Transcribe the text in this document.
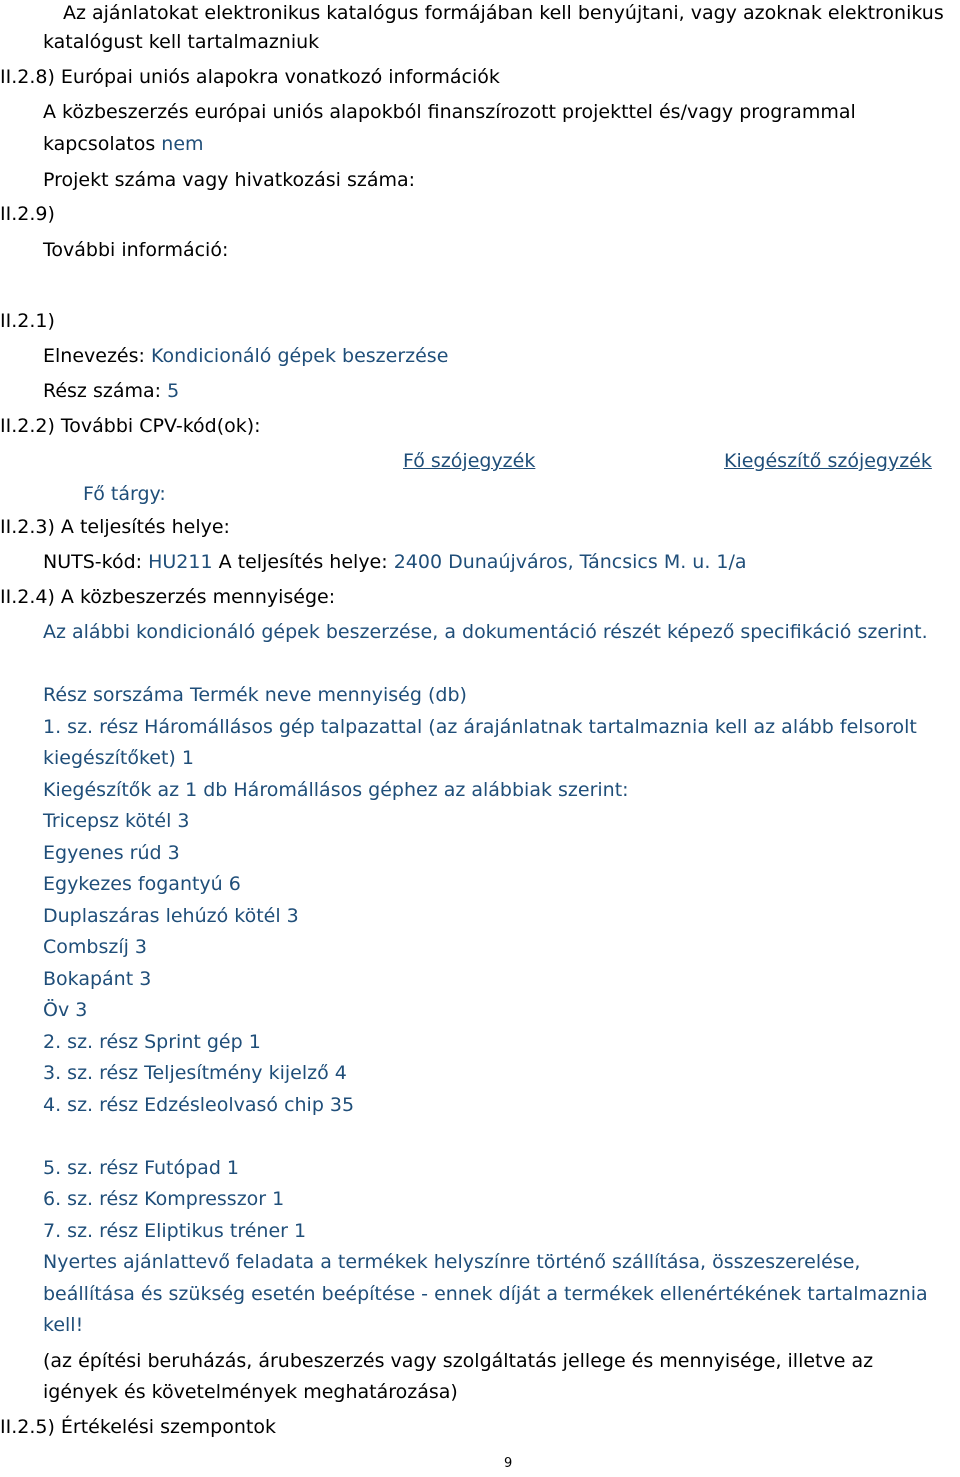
Az ajánlatokat elektronikus katalógus formájában kell benyújtani, vagy azoknak elektronikus
katalógust kell tartalmazniuk
II.2.8) Európai uniós alapokra vonatkozó információk
A közbeszerzés európai uniós alapokból finanszírozott projekttel és/vagy programmal
kapcsolatos nem
Projekt száma vagy hivatkozási száma:
II.2.9)
További információ:
II.2.1)
Elnevezés: Kondicionáló gépek beszerzése
Rész száma: 5
II.2.2) További CPV-kód(ok):
Fő szójegyzék	Kiegészítő szójegyzék
Fő tárgy:
II.2.3) A teljesítés helye:
NUTS-kód: HU211 A teljesítés helye: 2400 Dunaújváros, Táncsics M. u. 1/a
II.2.4) A közbeszerzés mennyisége:
Az alábbi kondicionáló gépek beszerzése, a dokumentáció részét képező specifikáció szerint.
Rész sorszáma Termék neve mennyiség (db)
1. sz. rész Háromállásos gép talpazattal (az árajánlatnak tartalmaznia kell az alább felsorolt
kiegészítőket) 1
Kiegészítők az 1 db Háromállásos géphez az alábbiak szerint:
Tricepsz kötél 3
Egyenes rúd 3
Egykezes fogantyú 6
Duplaszáras lehúzó kötél 3
Combszíj 3
Bokapánt 3
Öv 3
2. sz. rész Sprint gép 1
3. sz. rész Teljesítmény kijelző 4
4. sz. rész Edzésleolvasó chip 35
5. sz. rész Futópad 1
6. sz. rész Kompresszor 1
7. sz. rész Eliptikus tréner 1
Nyertes ajánlattevő feladata a termékek helyszínre történő szállítása, összeszerelése,
beállítása és szükség esetén beépítése - ennek díját a termékek ellenértékének tartalmaznia
kell!
(az építési beruházás, árubeszerzés vagy szolgáltatás jellege és mennyisége, illetve az
igények és követelmények meghatározása)
II.2.5) Értékelési szempontok
9
